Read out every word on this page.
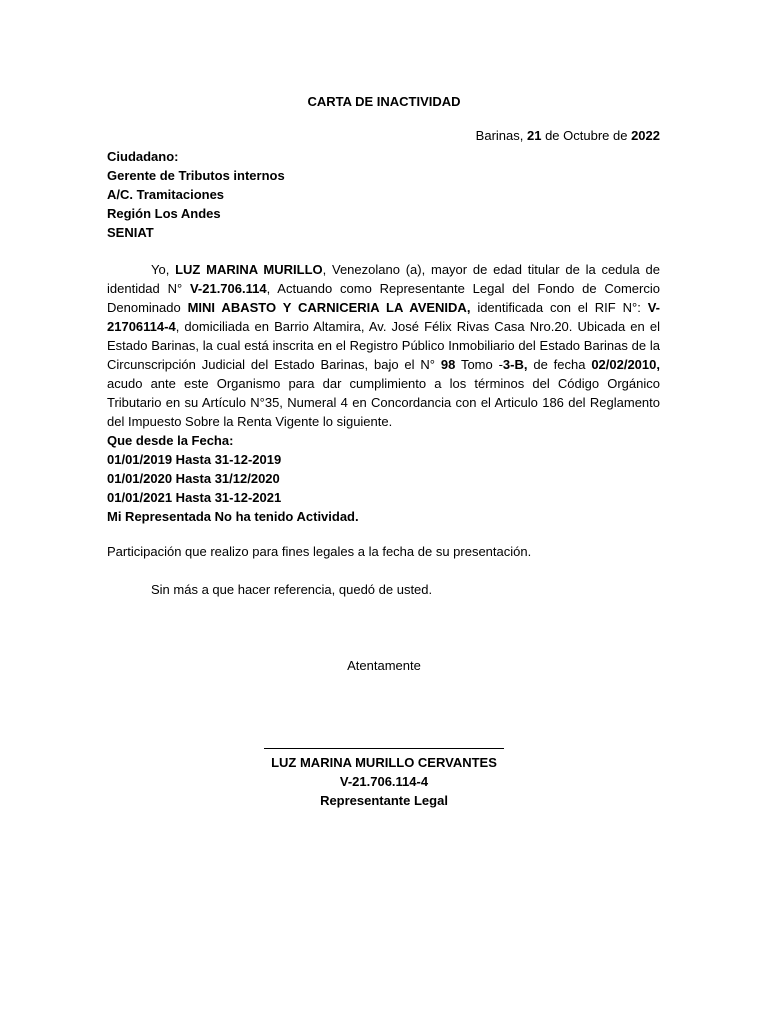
CARTA DE INACTIVIDAD
Barinas, 21 de Octubre de 2022
Ciudadano:
Gerente de Tributos internos
A/C. Tramitaciones
Región Los Andes
SENIAT
Yo, LUZ MARINA MURILLO, Venezolano (a), mayor de edad titular de la cedula de identidad N° V-21.706.114, Actuando como Representante Legal del Fondo de Comercio Denominado MINI ABASTO Y CARNICERIA LA AVENIDA, identificada con el RIF N°: V-21706114-4, domiciliada en Barrio Altamira, Av. José Félix Rivas Casa Nro.20. Ubicada en el Estado Barinas, la cual está inscrita en el Registro Público Inmobiliario del Estado Barinas de la Circunscripción Judicial del Estado Barinas, bajo el N° 98 Tomo -3-B, de fecha 02/02/2010, acudo ante este Organismo para dar cumplimiento a los términos del Código Orgánico Tributario en su Artículo N°35, Numeral 4 en Concordancia con el Articulo 186 del Reglamento del Impuesto Sobre la Renta Vigente lo siguiente.
Que desde la Fecha:
01/01/2019 Hasta 31-12-2019
01/01/2020 Hasta 31/12/2020
01/01/2021 Hasta 31-12-2021
Mi Representada No ha tenido Actividad.
Participación que realizo para fines legales a la fecha de su presentación.
Sin más a que hacer referencia, quedó de usted.
Atentamente
LUZ MARINA MURILLO CERVANTES
V-21.706.114-4
Representante Legal
